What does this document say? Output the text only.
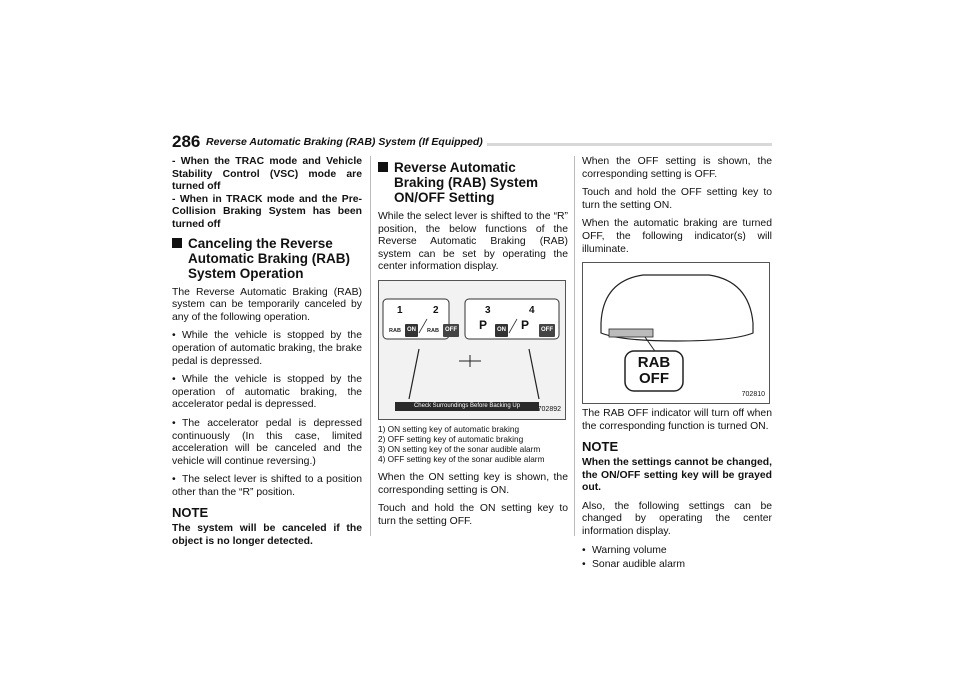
286 Reverse Automatic Braking (RAB) System (If Equipped)

- When the TRAC mode and Vehicle Stability Control (VSC) mode are turned off

- When in TRACK mode and the Pre-Collision Braking System has been turned off

Canceling the Reverse Automatic Braking (RAB) System Operation

The Reverse Automatic Braking (RAB) system can be temporarily canceled by any of the following operation.

• While the vehicle is stopped by the operation of automatic braking, the brake pedal is depressed.

• While the vehicle is stopped by the operation of automatic braking, the accelerator pedal is depressed.

• The accelerator pedal is depressed continuously (In this case, limited acceleration will be canceled and the vehicle will continue reversing.)

• The select lever is shifted to a position other than the “R” position.

NOTE

The system will be canceled if the object is no longer detected.

Reverse Automatic Braking (RAB) System ON/OFF Setting

While the select lever is shifted to the “R” position, the below functions of the Reverse Automatic Braking (RAB) system can be set by operating the center information display.

1	2	3	4
RAB	ON	RAB	OFF P	ON P	OFF
Check Surroundings Before Backing Up
702892
1) ON setting key of automatic braking
2) OFF setting key of automatic braking
3) ON setting key of the sonar audible alarm
4) OFF setting key of the sonar audible alarm

When the ON setting key is shown, the corresponding setting is ON.

Touch and hold the ON setting key to turn the setting OFF.

When the OFF setting is shown, the corresponding setting is OFF.

Touch and hold the OFF setting key to turn the setting ON.

When the automatic braking are turned OFF, the following indicator(s) will illuminate.

RAB
OFF
702810

The RAB OFF indicator will turn off when the corresponding function is turned ON.

NOTE

When the settings cannot be changed, the ON/OFF setting key will be grayed out.

Also, the following settings can be changed by operating the center information display.

• Warning volume

• Sonar audible alarm
